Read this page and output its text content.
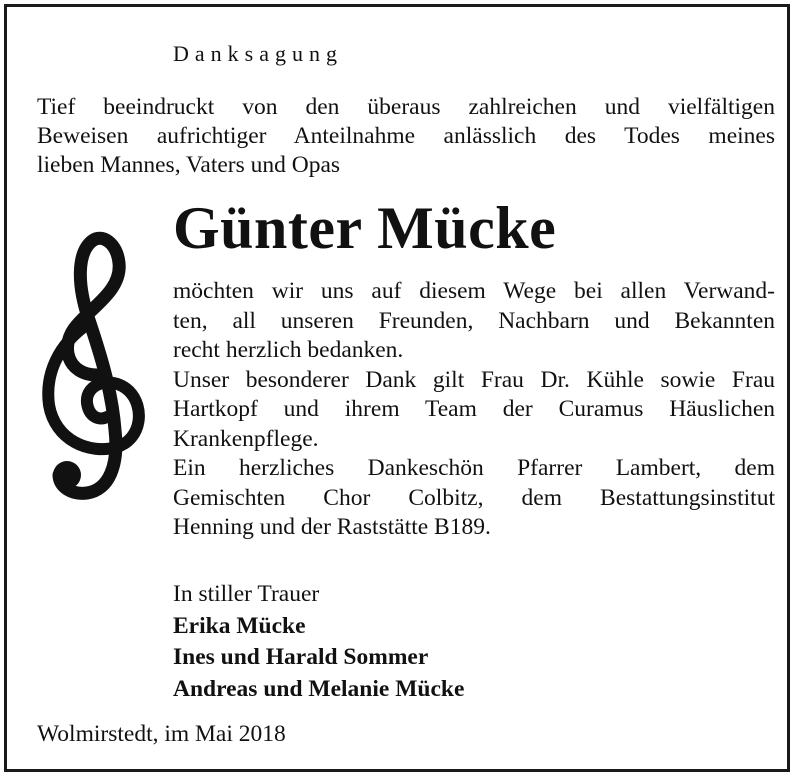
Danksagung
Tief beeindruckt von den überaus zahlreichen und vielfältigen
Beweisen aufrichtiger Anteilnahme anlässlich des Todes meines
lieben Mannes, Vaters und Opas
Günter Mücke
möchten wir uns auf diesem Wege bei allen Verwand-
ten, all unseren Freunden, Nachbarn und Bekannten
recht herzlich bedanken.
Unser besonderer Dank gilt Frau Dr. Kühle sowie Frau
Hartkopf und ihrem Team der Curamus Häuslichen
Krankenpflege.
Ein herzliches Dankeschön Pfarrer Lambert, dem
Gemischten Chor Colbitz, dem Bestattungsinstitut
Henning und der Raststätte B189.
In stiller Trauer
Erika Mücke
Ines und Harald Sommer
Andreas und Melanie Mücke
Wolmirstedt, im Mai 2018
